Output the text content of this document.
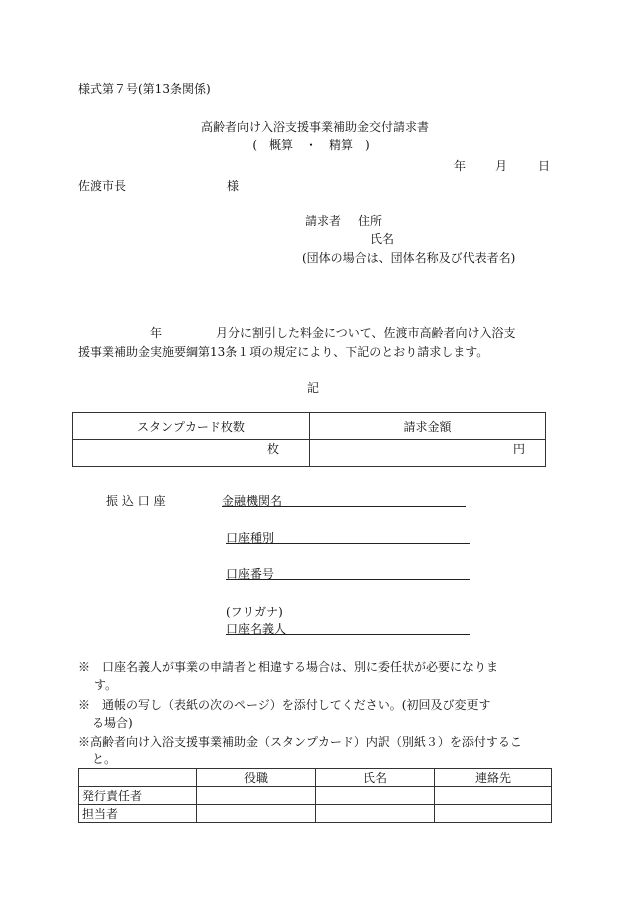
様式第７号(第13条関係)
高齢者向け入浴支援事業補助金交付請求書
(　概算　・　精算　)
年 月	日
佐渡市長	様
請求者 住所
氏名
(団体の場合は、団体名称及び代表者名)
年	月分に割引した料金について、佐渡市高齢者向け入浴支
援事業補助金実施要綱第13条１項の規定により、下記のとおり請求します。
記
スタンプカード枚数	請求金額
枚	円
振 込 口 座	金融機関名
口座種別
口座番号
(フリガナ)
口座名義人
※　口座名義人が事業の申請者と相違する場合は、別に委任状が必要になりま
す。
※　通帳の写し（表紙の次のページ）を添付してください。(初回及び変更す
る場合)
※高齢者向け入浴支援事業補助金（スタンプカード）内訳（別紙３）を添付するこ
と。
	役職	氏名	連絡先
発行責任者			
担当者			
